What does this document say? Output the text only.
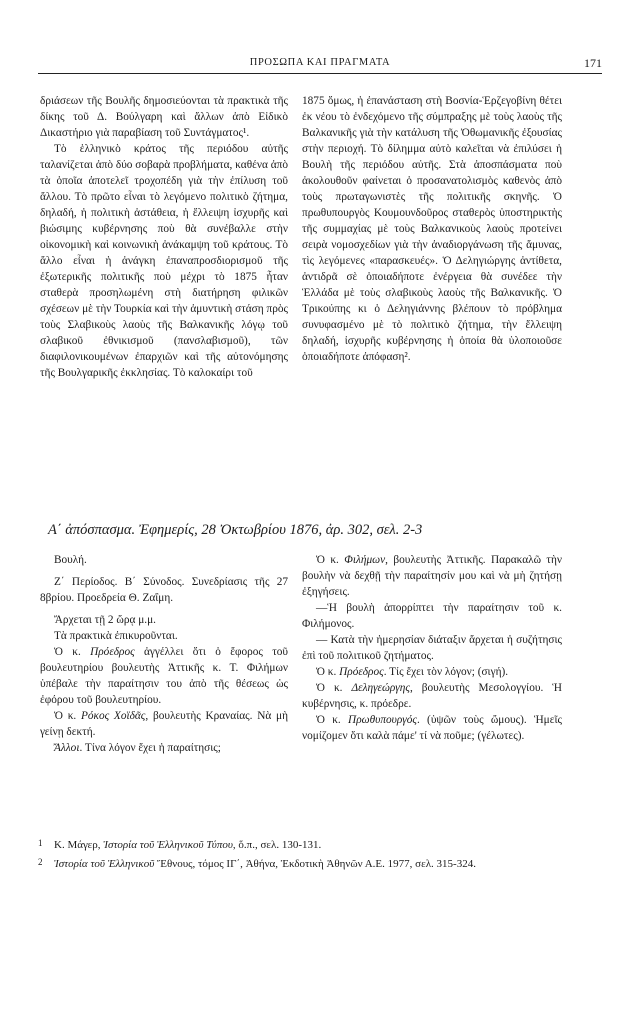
ΠΡΟΣΩΠΑ ΚΑΙ ΠΡΑΓΜΑΤΑ	171

δριάσεων τῆς Βουλῆς δημοσιεύονται τὰ πρακτικὰ τῆς δίκης τοῦ Δ. Βούλγαρη καὶ ἄλλων ἀπὸ Εἰδικὸ Δικαστήριο γιὰ παραβίαση τοῦ Συντάγματος¹.

Τὸ ἑλληνικὸ κράτος τῆς περιόδου αὐτῆς ταλανίζεται ἀπὸ δύο σοβαρὰ προβλήματα, καθένα ἀπὸ τὰ ὁποῖα ἀποτελεῖ τροχοπέδη γιὰ τὴν ἐπίλυση τοῦ ἄλλου. Τὸ πρῶτο εἶναι τὸ λεγόμενο πολιτικὸ ζήτημα, δηλαδή, ἡ πολιτικὴ ἀστάθεια, ἡ ἔλλειψη ἰσχυρῆς καὶ βιώσιμης κυβέρνησης ποὺ θὰ συνέβαλλε στὴν οἰκονομικὴ καὶ κοινωνικὴ ἀνάκαμψη τοῦ κράτους. Τὸ ἄλλο εἶναι ἡ ἀνάγκη ἐπαναπροσδιορισμοῦ τῆς ἐξωτερικῆς πολιτικῆς ποὺ μέχρι τὸ 1875 ἦταν σταθερὰ προσηλωμένη στὴ διατήρηση φιλικῶν σχέσεων μὲ τὴν Τουρκία καὶ τὴν ἀμυντικὴ στάση πρὸς τοὺς Σλαβικοὺς λαοὺς τῆς Βαλκανικῆς λόγῳ τοῦ σλαβικοῦ ἐθνικισμοῦ (πανσλαβισμοῦ), τῶν διαφιλονικουμένων ἐπαρχιῶν καὶ τῆς αὐτονόμησης τῆς Βουλγαρικῆς ἐκκλησίας. Τὸ καλοκαίρι τοῦ

1875 ὅμως, ἡ ἐπανάσταση στὴ Βοσνία-Ἑρζεγοβίνη θέτει ἐκ νέου τὸ ἐνδεχόμενο τῆς σύμπραξης μὲ τοὺς λαοὺς τῆς Βαλκανικῆς γιὰ τὴν κατάλυση τῆς Ὀθωμανικῆς ἐξουσίας στὴν περιοχή. Τὸ δίλημμα αὐτὸ καλεῖται νὰ ἐπιλύσει ἡ Βουλὴ τῆς περιόδου αὐτῆς. Στὰ ἀποσπάσματα ποὺ ἀκολουθοῦν φαίνεται ὁ προσανατολισμὸς καθενὸς ἀπὸ τοὺς πρωταγωνιστὲς τῆς πολιτικῆς σκηνῆς. Ὁ πρωθυπουργὸς Κουμουνδοῦρος σταθερὸς ὑποστηρικτὴς τῆς συμμαχίας μὲ τοὺς Βαλκανικοὺς λαοὺς προτείνει σειρὰ νομοσχεδίων γιὰ τὴν ἀναδιοργάνωση τῆς ἄμυνας, τὶς λεγόμενες «παρασκευές». Ὁ Δεληγιώργης ἀντίθετα, ἀντιδρᾶ σὲ ὁποιαδήποτε ἐνέργεια θὰ συνέδεε τὴν Ἑλλάδα μὲ τοὺς σλαβικοὺς λαοὺς τῆς Βαλκανικῆς. Ὁ Τρικούπης κι ὁ Δεληγιάννης βλέπουν τὸ πρόβλημα συνυφασμένο μὲ τὸ πολιτικὸ ζήτημα, τὴν ἔλλειψη δηλαδή, ἰσχυρῆς κυβέρνησης ἡ ὁποία θὰ ὑλοποιοῦσε ὁποιαδήποτε ἀπόφαση².

Α΄ ἀπόσπασμα. Ἐφημερίς, 28 Ὀκτωβρίου 1876, ἀρ. 302, σελ. 2-3

Βουλή.

Ζ΄ Περίοδος. Β΄ Σύνοδος. Συνεδρίασις τῆς 27 8βρίου. Προεδρεία Θ. Ζαΐμη.

Ἄρχεται τῇ 2 ὥρᾳ μ.μ.

Τὰ πρακτικὰ ἐπικυροῦνται.

Ὁ κ. Πρόεδρος ἀγγέλλει ὅτι ὁ ἔφορος τοῦ βουλευτηρίου βουλευτὴς Ἀττικῆς κ. Τ. Φιλήμων ὑπέβαλε τὴν παραίτησιν του ἀπὸ τῆς θέσεως ὡς ἐφόρου τοῦ βουλευτηρίου.

Ὁ κ. Ρόκος Χοϊδᾶς, βουλευτὴς Κραναίας. Νὰ μὴ γείνῃ δεκτή.

Ἄλλοι. Τίνα λόγον ἔχει ἡ παραίτησις;

Ὁ κ. Φιλήμων, βουλευτὴς Ἀττικῆς. Παρακαλῶ τὴν βουλὴν νὰ δεχθῇ τὴν παραίτησίν μου καὶ νὰ μὴ ζητήσῃ ἐξηγήσεις.

—Ἡ βουλὴ ἀπορρίπτει τὴν παραίτησιν τοῦ κ. Φιλήμονος.

— Κατὰ τὴν ἡμερησίαν διάταξιν ἄρχεται ἡ συζήτησις ἐπὶ τοῦ πολιτικοῦ ζητήματος.

Ὁ κ. Πρόεδρος. Τίς ἔχει τὸν λόγον; (σιγή).

Ὁ κ. Δεληγεώργης, βουλευτὴς Μεσολογγίου. Ἡ κυβέρνησις, κ. πρόεδρε.

Ὁ κ. Πρωθυπουργός. (ὑψῶν τοὺς ὤμους). Ἡμεῖς νομίζομεν ὅτι καλὰ πάμε' τί νὰ ποῦμε; (γέλωτες).

1 Κ. Μάγερ, Ἱστορία τοῦ Ἑλληνικοῦ Τύπου, ὅ.π., σελ. 130-131.

2 Ἱστορία τοῦ Ἑλληνικοῦ Ἔθνους, τόμος ΙΓ΄, Ἀθήνα, Ἐκδοτικὴ Ἀθηνῶν Α.Ε. 1977, σελ. 315-324.
